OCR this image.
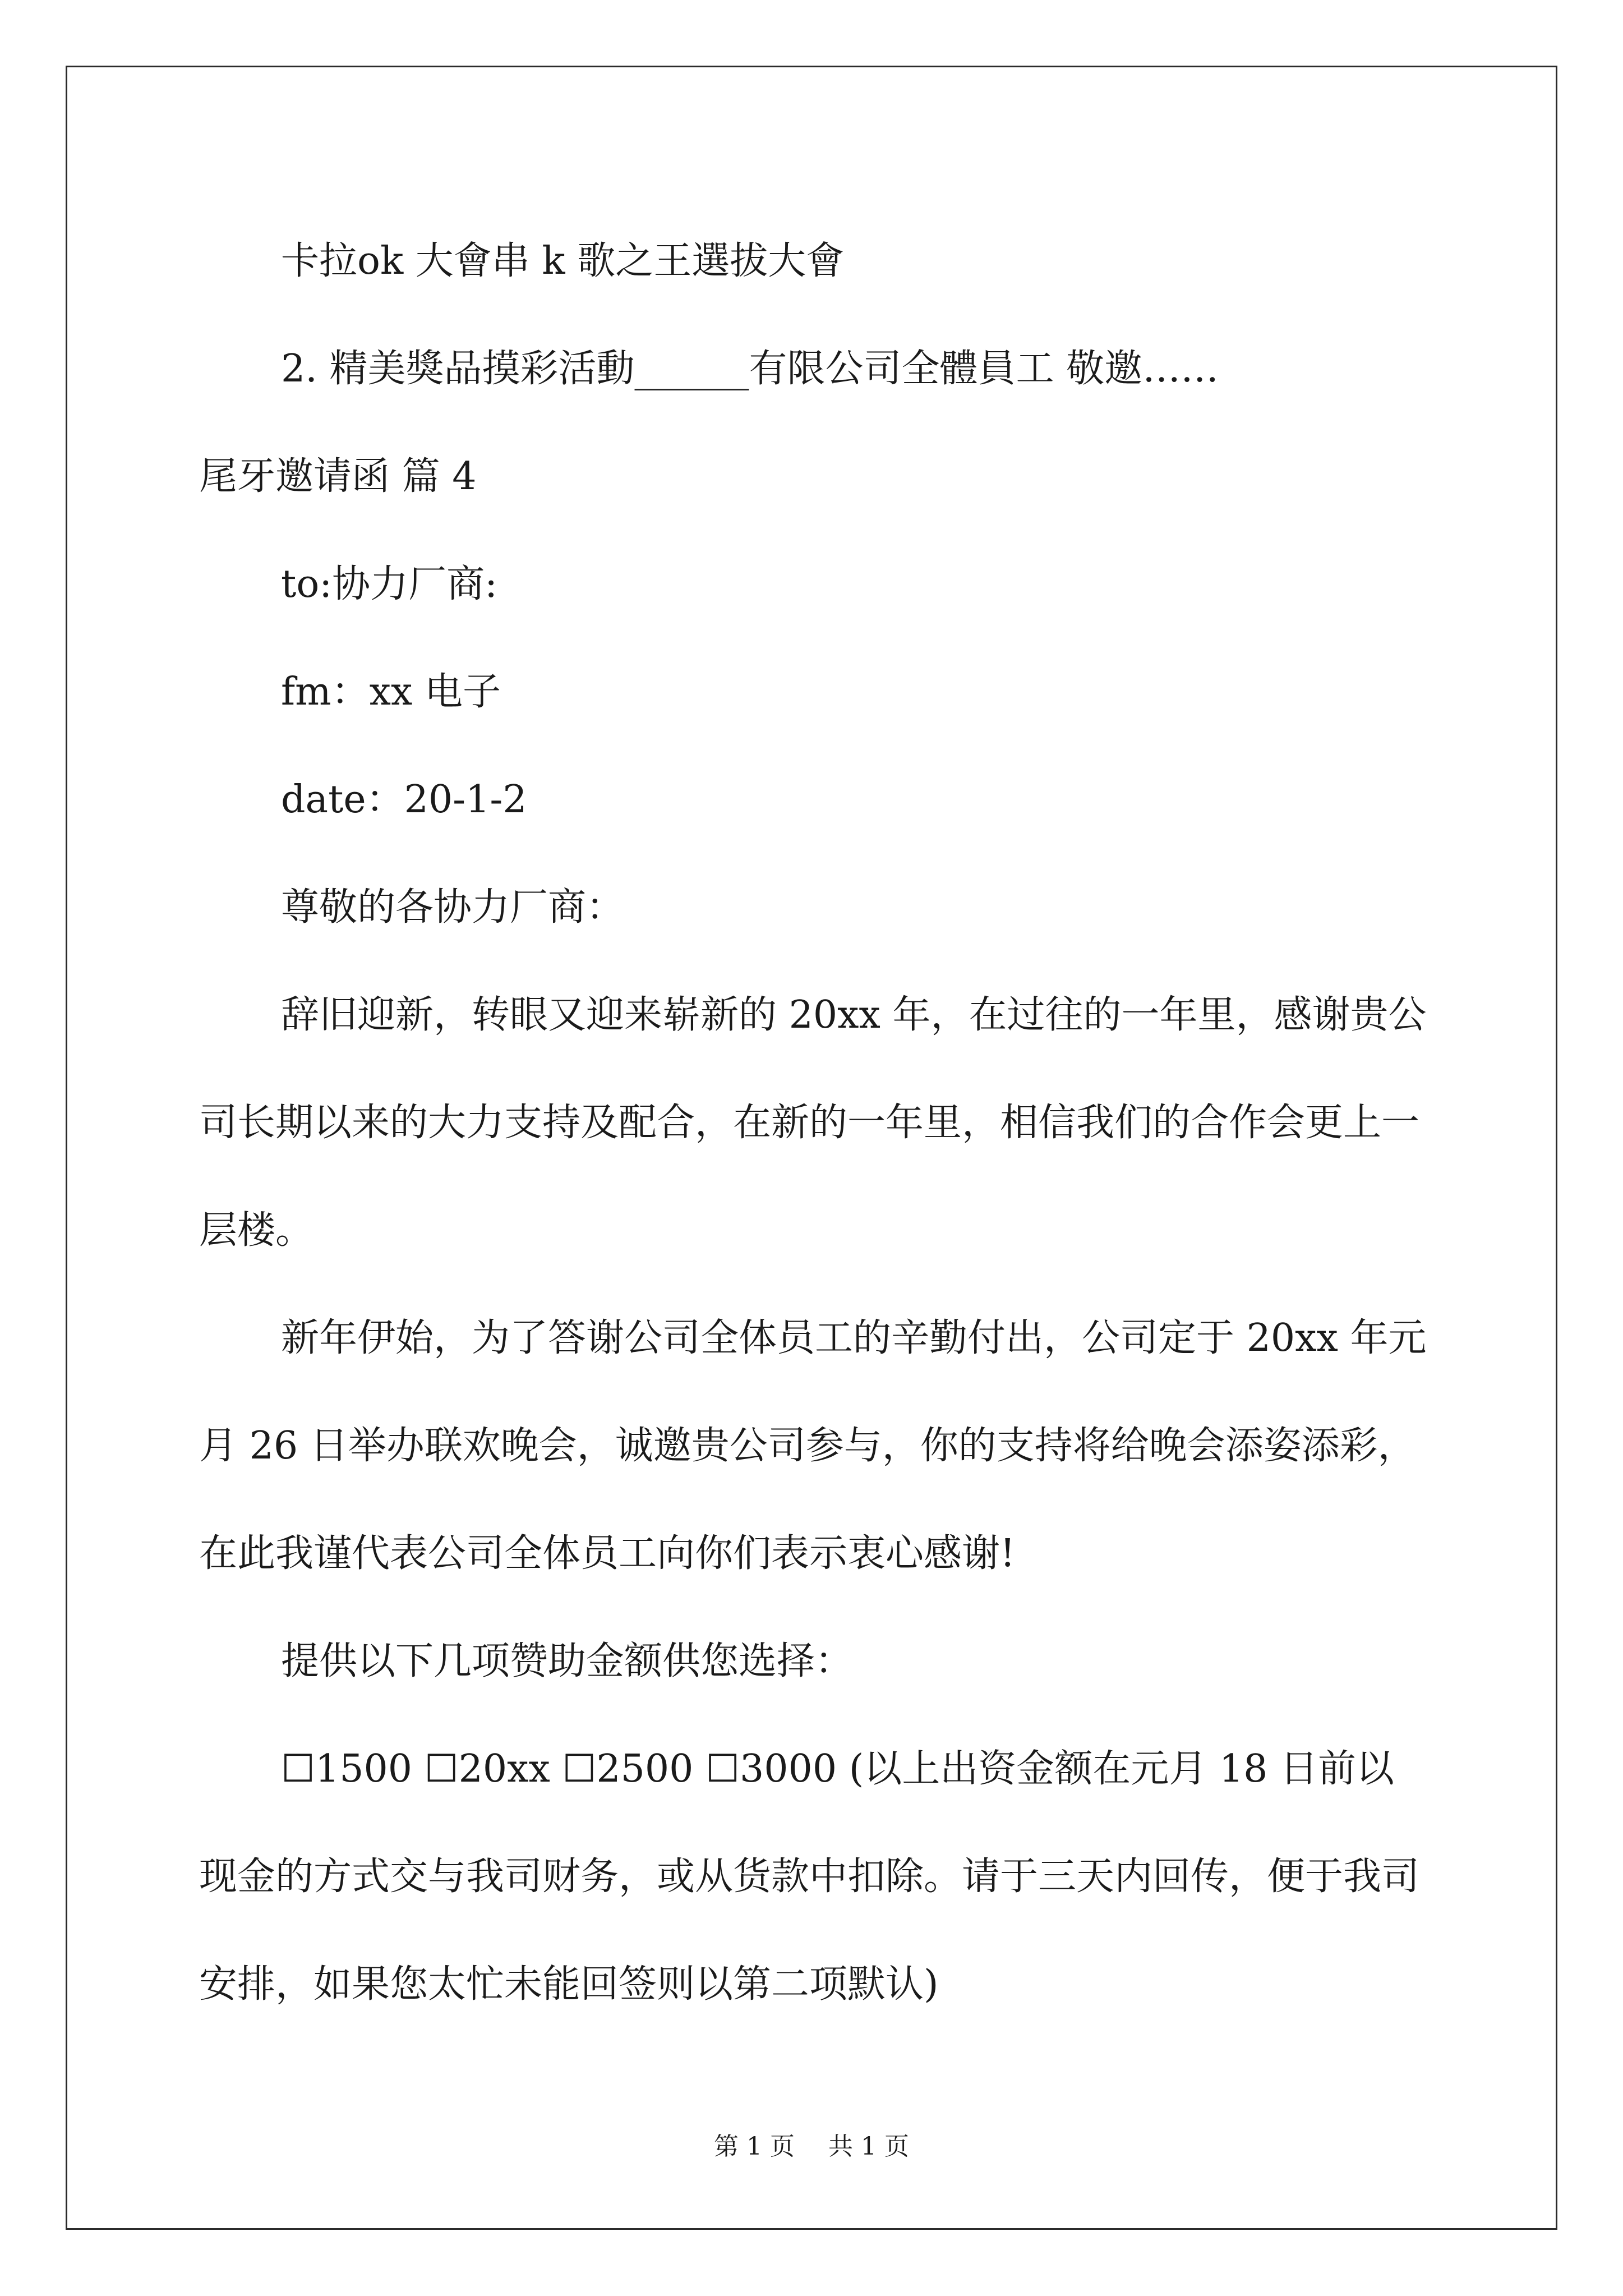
卡拉ok 大會串 k 歌之王選拔大會

2. 精美獎品摸彩活動______有限公司全體員工 敬邀……

尾牙邀请函 篇 4

to:协力厂商:

fm：xx 电子

date：20-1-2

尊敬的各协力厂商：

辞旧迎新，转眼又迎来崭新的 20xx 年，在过往的一年里，感谢贵公司长期以来的大力支持及配合，在新的一年里，相信我们的合作会更上一层楼。

新年伊始，为了答谢公司全体员工的辛勤付出，公司定于 20xx 年元月 26 日举办联欢晚会，诚邀贵公司参与，你的支持将给晚会添姿添彩，在此我谨代表公司全体员工向你们表示衷心感谢!

提供以下几项赞助金额供您选择：

☐1500 ☐20xx ☐2500 ☐3000 (以上出资金额在元月 18 日前以现金的方式交与我司财务，或从货款中扣除。请于三天内回传，便于我司安排，如果您太忙未能回签则以第二项默认)

第 1 页 共 1 页
